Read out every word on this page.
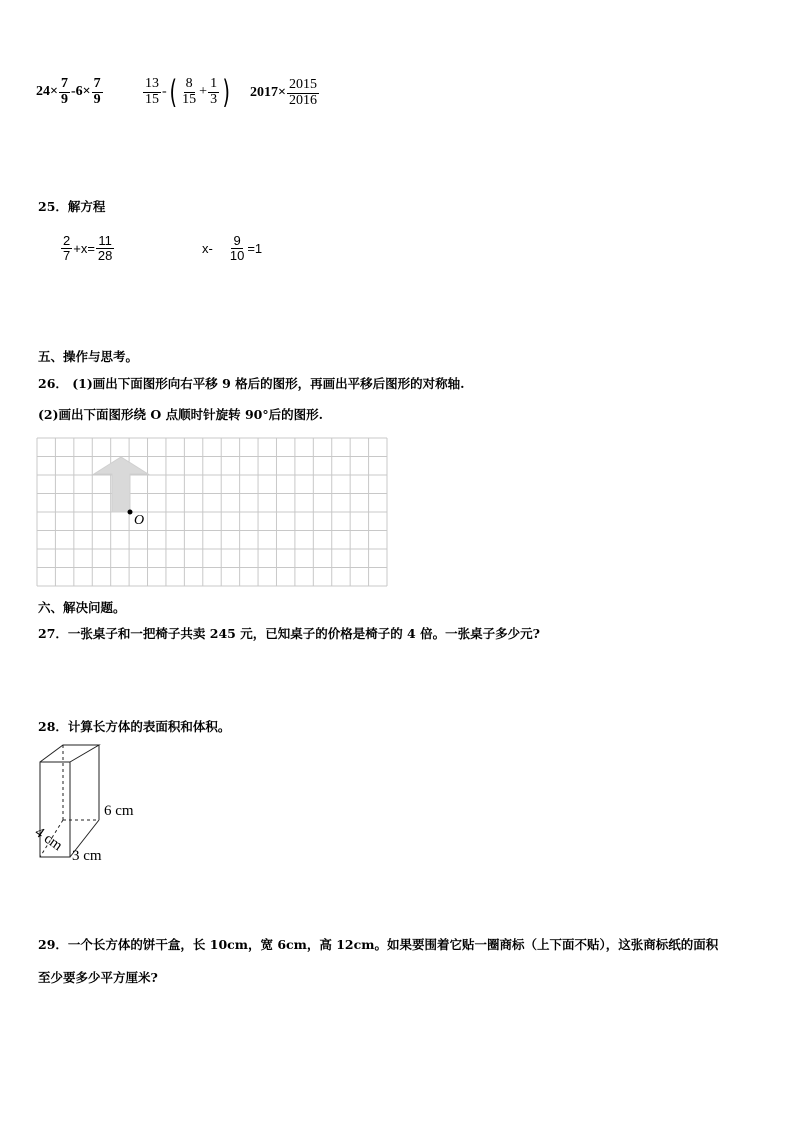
$24\times \frac{7}{9} -6\times \frac{7}{9}$	$\frac{13}{15}$ - ( $\frac{8}{15} + \frac{1}{3}$ ) $2017\times \frac{2015}{2016}$
25．解方程
$\frac{2}{7} +x= \frac{11}{28}$	$x- \frac{9}{10} =1$
五、操作与思考。
26． (1)画出下面图形向右平移 9 格后的图形，再画出平移后图形的对称轴.
(2)画出下面图形绕 O 点顺时针旋转 90°后的图形.
O
六、解决问题。
27．一张桌子和一把椅子共卖 245 元，已知桌子的价格是椅子的 4 倍。一张桌子多少元?
28．计算长方体的表面积和体积。
6 cm
3 cm
4 cm
29．一个长方体的饼干盒，长 10cm，宽 6cm，高 12cm。如果要围着它贴一圈商标（上下面不贴），这张商标纸的面积
至少要多少平方厘米?
